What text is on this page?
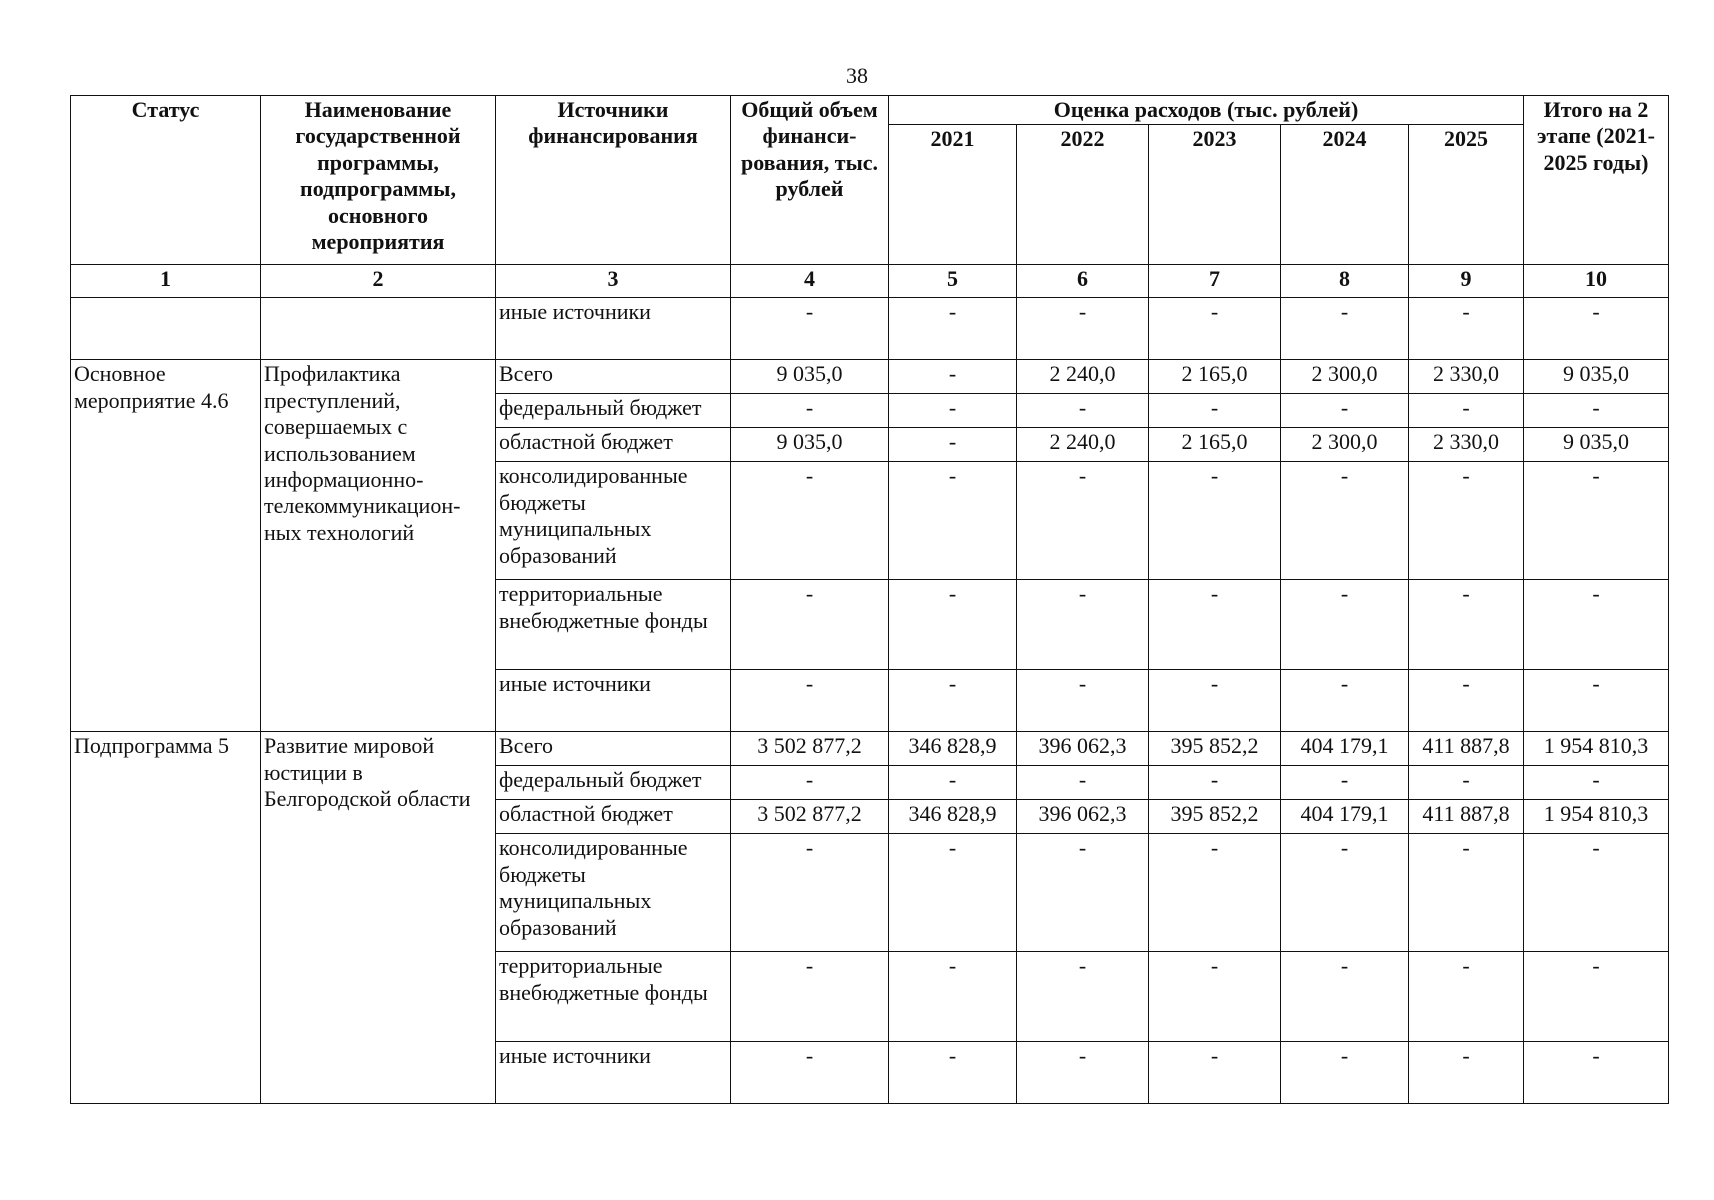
38
Статус	Наименование государственной программы, подпрограммы, основного мероприятия	Источники финансирования	Общий объем финанси-рования, тыс. рублей	Оценка расходов (тыс. рублей)					Итого на 2 этапе (2021-2025 годы)
				2021	2022	2023	2024	2025	
1	2	3	4	5	6	7	8	9	10
		иные источники	-	-	-	-	-	-	-
Основное мероприятие 4.6	Профилактика преступлений, совершаемых с использованием информационно-телекоммуникацион-ных технологий	Всего	9 035,0	-	2 240,0	2 165,0	2 300,0	2 330,0	9 035,0
		федеральный бюджет	-	-	-	-	-	-	-
		областной бюджет	9 035,0	-	2 240,0	2 165,0	2 300,0	2 330,0	9 035,0
		консолидированные бюджеты муниципальных образований	-	-	-	-	-	-	-
		территориальные внебюджетные фонды	-	-	-	-	-	-	-
		иные источники	-	-	-	-	-	-	-
Подпрограмма 5	Развитие мировой юстиции в Белгородской области	Всего	3 502 877,2	346 828,9	396 062,3	395 852,2	404 179,1	411 887,8	1 954 810,3
		федеральный бюджет	-	-	-	-	-	-	-
		областной бюджет	3 502 877,2	346 828,9	396 062,3	395 852,2	404 179,1	411 887,8	1 954 810,3
		консолидированные бюджеты муниципальных образований	-	-	-	-	-	-	-
		территориальные внебюджетные фонды	-	-	-	-	-	-	-
		иные источники	-	-	-	-	-	-	-
